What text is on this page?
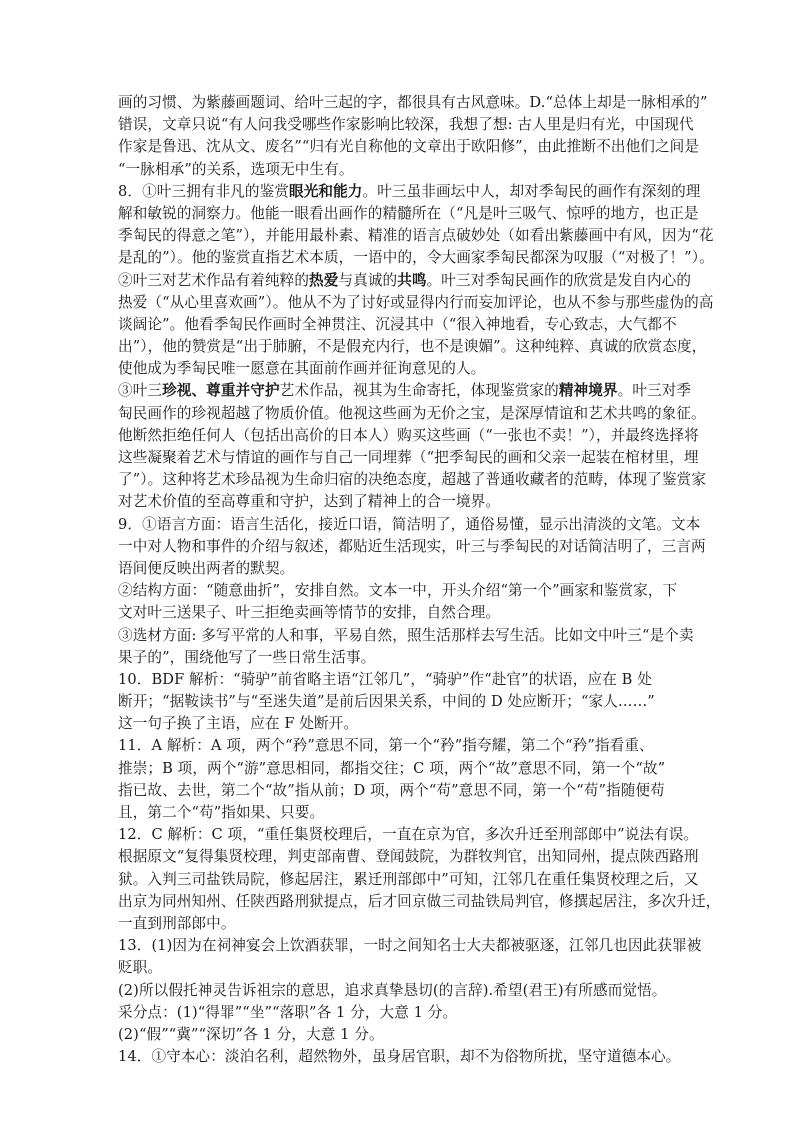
画的习惯、为紫藤画题词、给叶三起的字，都很具有古风意味。D.“总体上却是一脉相承的”
错误，文章只说“有人问我受哪些作家影响比较深，我想了想: 古人里是归有光，中国现代
作家是鲁迅、沈从文、废名”“归有光自称他的文章出于欧阳修”，由此推断不出他们之间是
“一脉相承”的关系，选项无中生有。
8．①叶三拥有非凡的鉴赏眼光和能力。叶三虽非画坛中人，却对季匋民的画作有深刻的理
解和敏锐的洞察力。他能一眼看出画作的精髓所在（“凡是叶三吸气、惊呼的地方，也正是
季匋民的得意之笔”），并能用最朴素、精准的语言点破妙处（如看出紫藤画中有风，因为“花
是乱的”）。他的鉴赏直指艺术本质，一语中的，令大画家季匋民都深为叹服（“对极了！”）。
②叶三对艺术作品有着纯粹的热爱与真诚的共鸣。叶三对季匋民画作的欣赏是发自内心的
热爱（“从心里喜欢画”）。他从不为了讨好或显得内行而妄加评论，也从不参与那些虚伪的高
谈阔论”。他看季匋民作画时全神贯注、沉浸其中（“很入神地看，专心致志，大气都不
出”），他的赞赏是“出于肺腑，不是假充内行，也不是谀媚”。这种纯粹、真诚的欣赏态度，
使他成为季匋民唯一愿意在其面前作画并征询意见的人。
③叶三珍视、尊重并守护艺术作品，视其为生命寄托，体现鉴赏家的精神境界。叶三对季
匋民画作的珍视超越了物质价值。他视这些画为无价之宝，是深厚情谊和艺术共鸣的象征。
他断然拒绝任何人（包括出高价的日本人）购买这些画（“一张也不卖！”），并最终选择将
这些凝聚着艺术与情谊的画作与自己一同埋葬（“把季匋民的画和父亲一起装在棺材里，埋
了”）。这种将艺术珍品视为生命归宿的决绝态度，超越了普通收藏者的范畴，体现了鉴赏家
对艺术价值的至高尊重和守护，达到了精神上的合一境界。
9．①语言方面：语言生活化，接近口语，简洁明了，通俗易懂，显示出清淡的文笔。文本
一中对人物和事件的介绍与叙述，都贴近生活现实，叶三与季匋民的对话简洁明了，三言两
语间便反映出两者的默契。
②结构方面：“随意曲折”，安排自然。文本一中，开头介绍“第一个”画家和鉴赏家，下
文对叶三送果子、叶三拒绝卖画等情节的安排，自然合理。
③选材方面: 多写平常的人和事，平易自然，照生活那样去写生活。比如文中叶三“是个卖
果子的”，围绕他写了一些日常生活事。
10．BDF 解析：“骑驴”前省略主语“江邻几”，“骑驴”作“赴官”的状语，应在 B 处
断开；“据鞍读书”与“至迷失道”是前后因果关系，中间的 D 处应断开；“家人……”
这一句子换了主语，应在 F 处断开。
11．A 解析：A 项，两个“矜”意思不同，第一个“矜”指夸耀，第二个“矜”指看重、
推崇；B 项，两个“游”意思相同，都指交往；C 项，两个“故”意思不同，第一个“故”
指已故、去世，第二个“故”指从前；D 项，两个“苟”意思不同，第一个“苟”指随便苟
且，第二个“苟”指如果、只要。
12．C 解析：C 项，“重任集贤校理后，一直在京为官，多次升迁至刑部郎中”说法有误。
根据原文“复得集贤校理，判吏部南曹、登闻鼓院，为群牧判官，出知同州，提点陕西路刑
狱。入判三司盐铁局院，修起居注，累迁刑部郎中”可知，江邻几在重任集贤校理之后，又
出京为同州知州、任陕西路刑狱提点，后才回京做三司盐铁局判官，修撰起居注，多次升迁，
一直到刑部郎中。
13．(1)因为在祠神宴会上饮酒获罪，一时之间知名士大夫都被驱逐，江邻几也因此获罪被
贬职。
(2)所以假托神灵告诉祖宗的意思，追求真挚恳切(的言辞).希望(君王)有所感而觉悟。
采分点：(1)“得罪”“坐”“落职”各 1 分，大意 1 分。
(2)“假”“冀”“深切”各 1 分，大意 1 分。
14．①守本心：淡泊名利，超然物外，虽身居官职，却不为俗物所扰，坚守道德本心。
